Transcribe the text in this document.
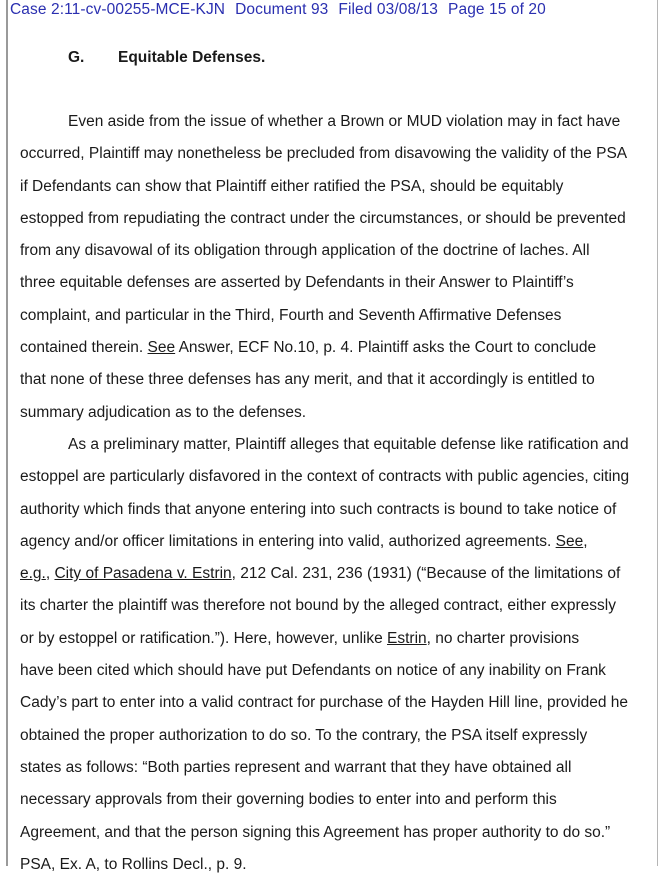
Case 2:11-cv-00255-MCE-KJN Document 93 Filed 03/08/13 Page 15 of 20
G. Equitable Defenses.
Even aside from the issue of whether a Brown or MUD violation may in fact have
occurred, Plaintiff may nonetheless be precluded from disavowing the validity of the PSA
if Defendants can show that Plaintiff either ratified the PSA, should be equitably
estopped from repudiating the contract under the circumstances, or should be prevented
from any disavowal of its obligation through application of the doctrine of laches. All
three equitable defenses are asserted by Defendants in their Answer to Plaintiff’s
complaint, and particular in the Third, Fourth and Seventh Affirmative Defenses
contained therein. See Answer, ECF No.10, p. 4. Plaintiff asks the Court to conclude
that none of these three defenses has any merit, and that it accordingly is entitled to
summary adjudication as to the defenses.
As a preliminary matter, Plaintiff alleges that equitable defense like ratification and
estoppel are particularly disfavored in the context of contracts with public agencies, citing
authority which finds that anyone entering into such contracts is bound to take notice of
agency and/or officer limitations in entering into valid, authorized agreements. See,
e.g., City of Pasadena v. Estrin, 212 Cal. 231, 236 (1931) (“Because of the limitations of
its charter the plaintiff was therefore not bound by the alleged contract, either expressly
or by estoppel or ratification.”). Here, however, unlike Estrin, no charter provisions
have been cited which should have put Defendants on notice of any inability on Frank
Cady’s part to enter into a valid contract for purchase of the Hayden Hill line, provided he
obtained the proper authorization to do so. To the contrary, the PSA itself expressly
states as follows: “Both parties represent and warrant that they have obtained all
necessary approvals from their governing bodies to enter into and perform this
Agreement, and that the person signing this Agreement has proper authority to do so.”
PSA, Ex. A, to Rollins Decl., p. 9.
